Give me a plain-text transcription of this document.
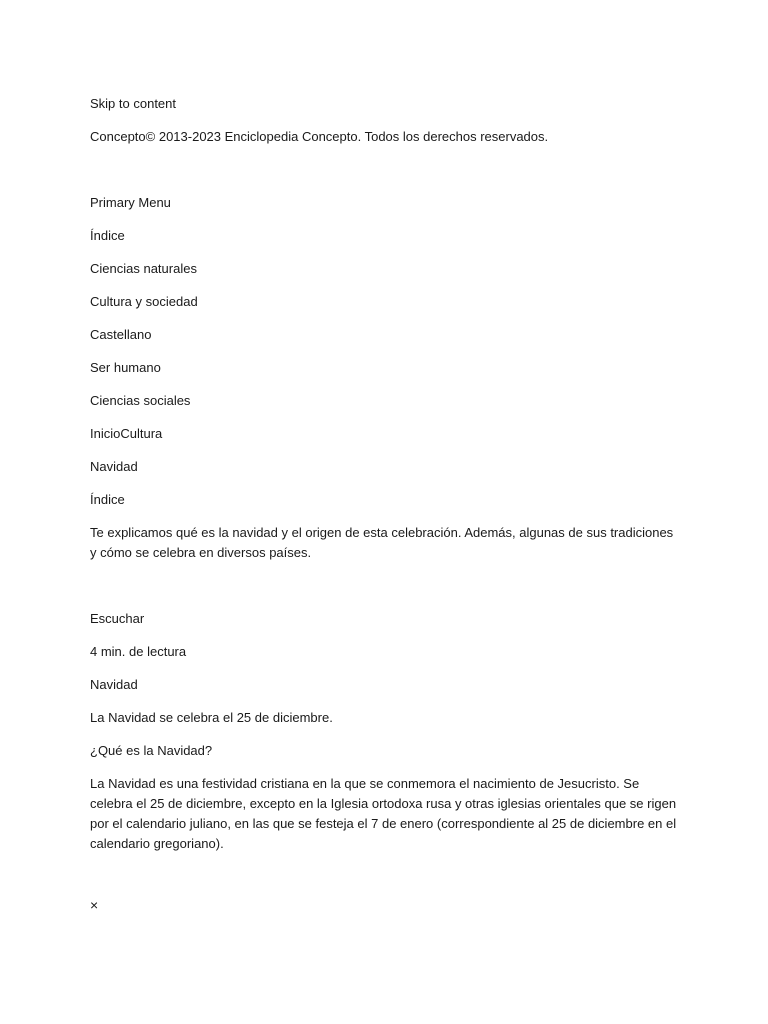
Skip to content

Concepto© 2013-2023 Enciclopedia Concepto. Todos los derechos reservados.

Primary Menu

Índice

Ciencias naturales

Cultura y sociedad

Castellano

Ser humano

Ciencias sociales

InicioCultura

Navidad

Índice

Te explicamos qué es la navidad y el origen de esta celebración. Además, algunas de sus tradiciones y cómo se celebra en diversos países.

Escuchar

4 min. de lectura

Navidad

La Navidad se celebra el 25 de diciembre.

¿Qué es la Navidad?

La Navidad es una festividad cristiana en la que se conmemora el nacimiento de Jesucristo. Se celebra el 25 de diciembre, excepto en la Iglesia ortodoxa rusa y otras iglesias orientales que se rigen por el calendario juliano, en las que se festeja el 7 de enero (correspondiente al 25 de diciembre en el calendario gregoriano).

×
